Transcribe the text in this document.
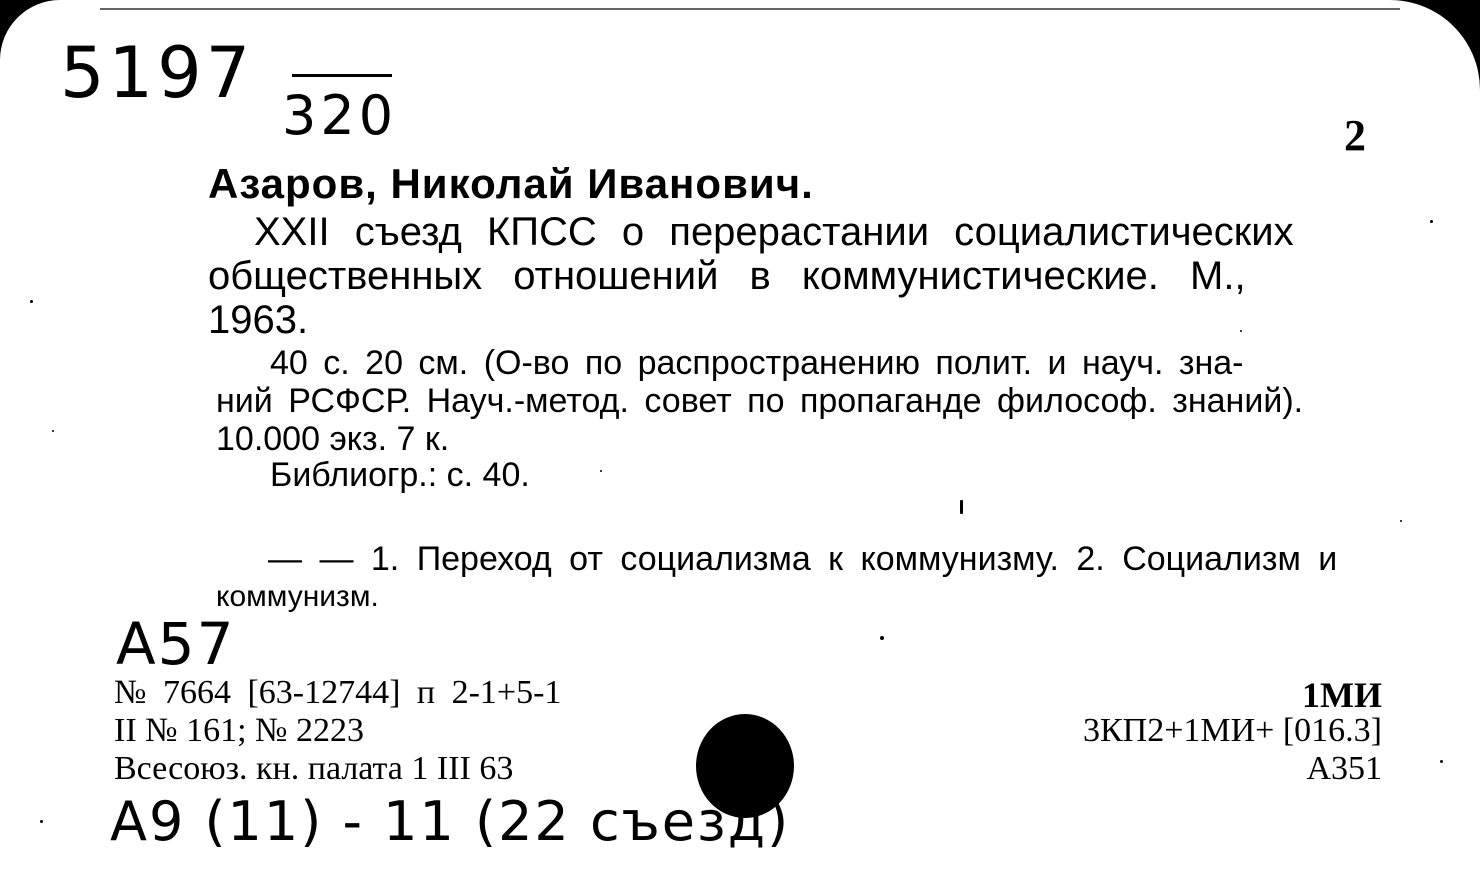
5197
320	2
Азаров, Николай Иванович.
XXII съезд КПСС о перерастании социалистических
общественных отношений в коммунистические. М.,
1963.
40 с. 20 см. (О-во по распространению полит. и науч. зна-
ний РСФСР. Науч.-метод. совет по пропаганде философ. знаний).
10.000 экз. 7 к.
Библиогр.: с. 40.
— — 1. Переход от социализма к коммунизму. 2. Социализм и
коммунизм.
A57
№ 7664 [63-12744] п 2-1+5-1
II № 161; № 2223
Всесоюз. кн. палата 1 III 63
1МИ
3КП2+1МИ+ [016.3]
А351
A9 (11) - 11 (22 съезд)
